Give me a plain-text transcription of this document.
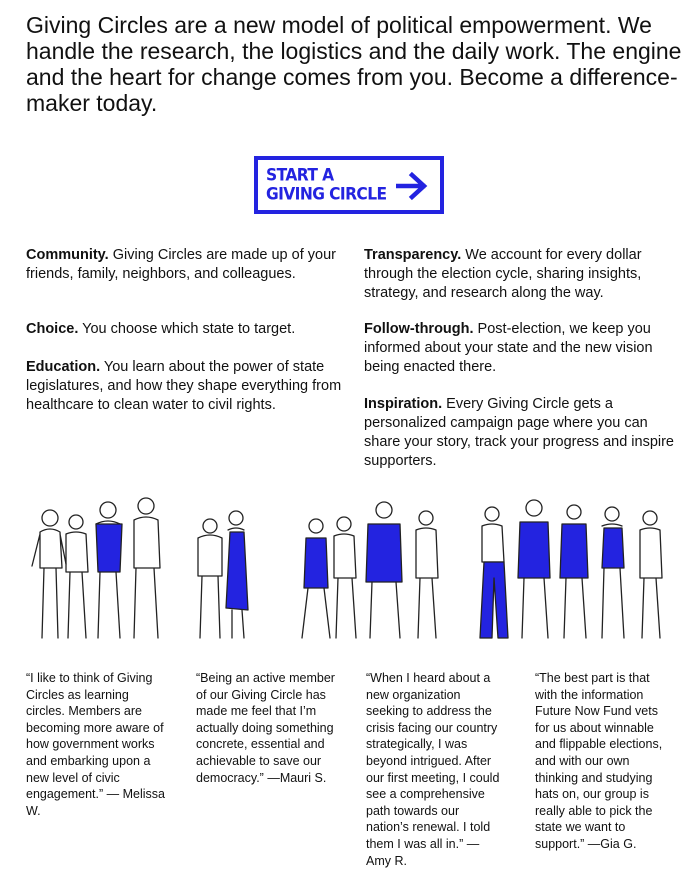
Giving Circles are a new model of political empowerment. We handle the research, the logistics and the daily work. The engine and the heart for change comes from you. Become a difference-maker today.

START A
GIVING CIRCLE
Community. Giving Circles are made up of your friends, family, neighbors, and colleagues.
Choice. You choose which state to target.
Education. You learn about the power of state legislatures, and how they shape everything from healthcare to clean water to civil rights.
Transparency. We account for every dollar through the election cycle, sharing insights, strategy, and research along the way.
Follow-through. Post-election, we keep you informed about your state and the new vision being enacted there.
Inspiration. Every Giving Circle gets a personalized campaign page where you can share your story, track your progress and inspire supporters.
“I like to think of Giving Circles as learning circles. Members are becoming more aware of how government works and embarking upon a new level of civic engagement.” — Melissa W.
“Being an active member of our Giving Circle has made me feel that I’m actually doing something concrete, essential and achievable to save our democracy.” —Mauri S.
“When I heard about a new organization seeking to address the crisis facing our country strategically, I was beyond intrigued. After our first meeting, I could see a comprehensive path towards our nation’s renewal. I told them I was all in.” —Amy R.
“The best part is that with the information Future Now Fund vets for us about winnable and flippable elections, and with our own thinking and studying hats on, our group is really able to pick the state we want to support.” —Gia G.
